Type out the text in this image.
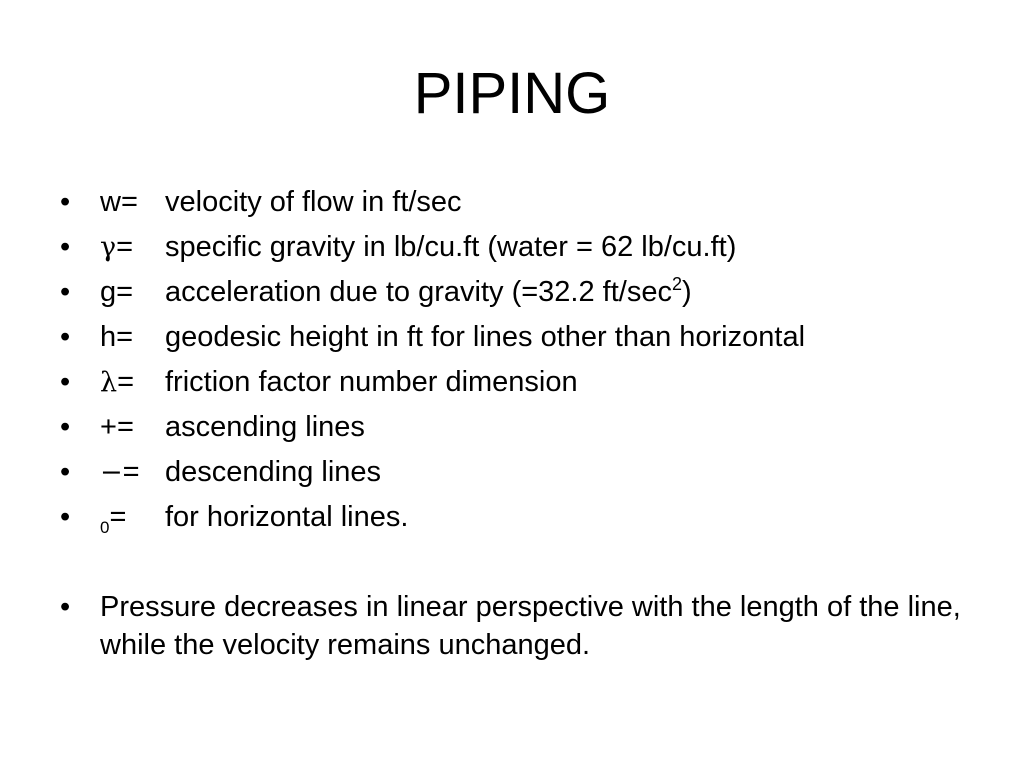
PIPING
•	w= velocity of flow in ft/sec
•	γ= specific gravity in lb/cu.ft (water = 62 lb/cu.ft)
•	g= acceleration due to gravity (=32.2 $ft/\sec^2$)
•	h= geodesic height in ft for lines other than horizontal
•	λ= friction factor number dimension
•	+= ascending lines
•	−= descending lines
•	$_0$= for horizontal lines.
•	Pressure decreases in linear perspective with the length of the line, while the velocity remains unchanged.
